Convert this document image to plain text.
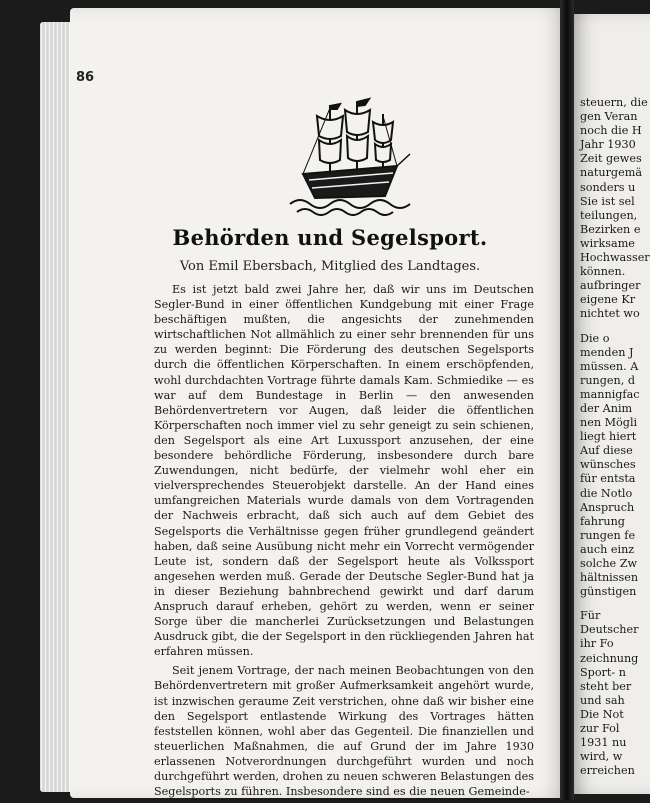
86
Behörden und Segelsport.
Von Emil Ebersbach, Mitglied des Landtages.

Es ist jetzt bald zwei Jahre her, daß wir uns im Deutschen Segler-Bund in einer öffentlichen Kundgebung mit einer Frage beschäftigen mußten, die angesichts der zunehmenden wirtschaftlichen Not allmählich zu einer sehr brennenden für uns zu werden beginnt: Die Förderung des deutschen Segelsports durch die öffentlichen Körperschaften. In einem erschöpfenden, wohl durchdachten Vortrage führte damals Kam. Schmiedike — es war auf dem Bundestage in Berlin — den anwesenden Behördenvertretern vor Augen, daß leider die öffentlichen Körperschaften noch immer viel zu sehr geneigt zu sein schienen, den Segelsport als eine Art Luxussport anzusehen, der eine besondere behördliche Förderung, insbesondere durch bare Zuwendungen, nicht bedürfe, der vielmehr wohl eher ein vielversprechendes Steuerobjekt darstelle. An der Hand eines umfangreichen Materials wurde damals von dem Vortragenden der Nachweis erbracht, daß sich auch auf dem Gebiet des Segelsports die Verhältnisse gegen früher grundlegend geändert haben, daß seine Ausübung nicht mehr ein Vorrecht vermögender Leute ist, sondern daß der Segelsport heute als Volkssport angesehen werden muß. Gerade der Deutsche Segler-Bund hat ja in dieser Beziehung bahnbrechend gewirkt und darf darum Anspruch darauf erheben, gehört zu werden, wenn er seiner Sorge über die mancherlei Zurücksetzungen und Belastungen Ausdruck gibt, die der Segelsport in den rückliegenden Jahren hat erfahren müssen.

Seit jenem Vortrage, der nach meinen Beobachtungen von den Behördenvertretern mit großer Aufmerksamkeit angehört wurde, ist inzwischen geraume Zeit verstrichen, ohne daß wir bisher eine den Segelsport entlastende Wirkung des Vortrages hätten feststellen können, wohl aber das Gegenteil. Die finanziellen und steuerlichen Maßnahmen, die auf Grund der im Jahre 1930 erlassenen Notverordnungen durchgeführt wurden und noch durchgeführt werden, drohen zu neuen schweren Belastungen des Segelsports zu führen. Insbesondere sind es die neuen Gemeinde-

steuern, die
gen Veran
noch die H
Jahr 1930
Zeit gewes
naturgemä
sonders u
Sie ist sel
teilungen,
Bezirken e
wirksame
Hochwasser
können.
aufbringer
eigene Kr
nichtet wo
Die o
menden J
müssen. A
rungen, d
mannigfac
der Anim
nen Mögli
liegt hiert
Auf diese
wünsches
für entsta
die Notlo
Anspruch
fahrung
rungen fe
auch einz
solche Zw
hältnissen
günstigen
Für
Deutscher
ihr Fo
zeichnung
Sport- n
steht ber
und sah
Die Not
zur Fol
1931 nu
wird, w
erreichen
